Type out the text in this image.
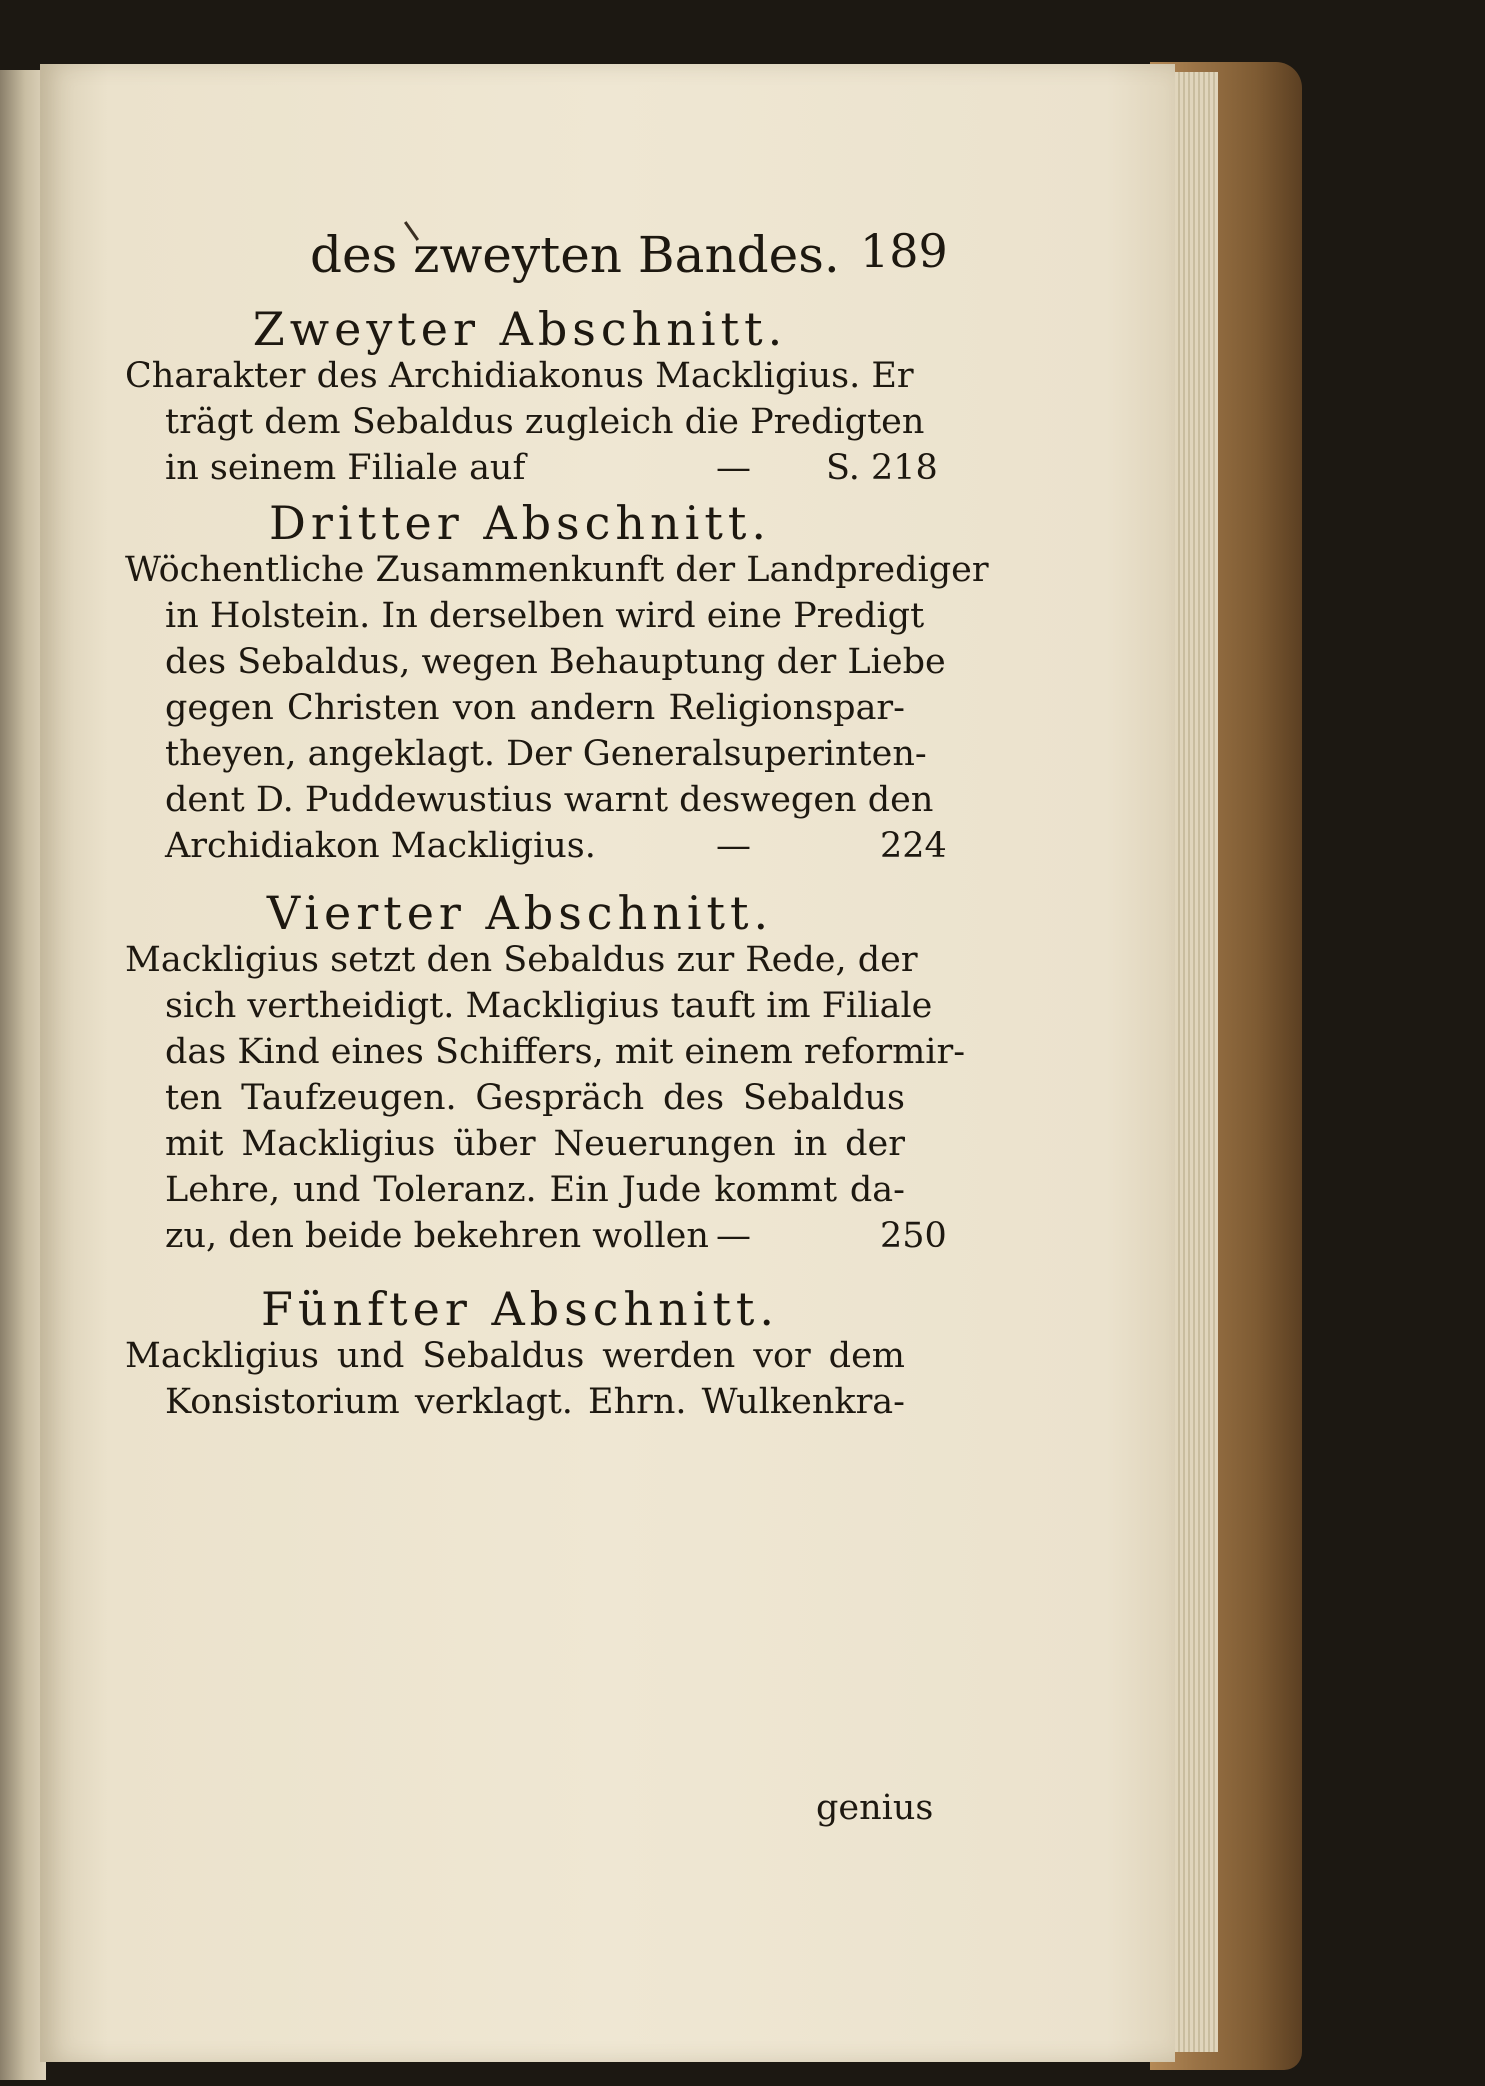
des zweyten Bandes. 189
Zweyter Abschnitt.
Charakter des Archidiakonus Mackligius. Er
trägt dem Sebaldus zugleich die Predigten
in seinem Filiale auf	— S. 218
Dritter Abschnitt.
Wöchentliche Zusammenkunft der Landprediger
in Holstein. In derselben wird eine Predigt
des Sebaldus, wegen Behauptung der Liebe
gegen Christen von andern Religionspar-
theyen, angeklagt. Der Generalsuperinten-
dent D. Puddewustius warnt deswegen den
Archidiakon Mackligius.	—	224
Vierter Abschnitt.
Mackligius setzt den Sebaldus zur Rede, der
sich vertheidigt. Mackligius tauft im Filiale
das Kind eines Schiffers, mit einem reformir-
ten Taufzeugen. Gespräch des Sebaldus
mit Mackligius über Neuerungen in der
Lehre, und Toleranz. Ein Jude kommt da-
zu, den beide bekehren wollen —	250
Fünfter Abschnitt.
Mackligius und Sebaldus werden vor dem
Konsistorium verklagt. Ehrn. Wulkenkra-
genius
